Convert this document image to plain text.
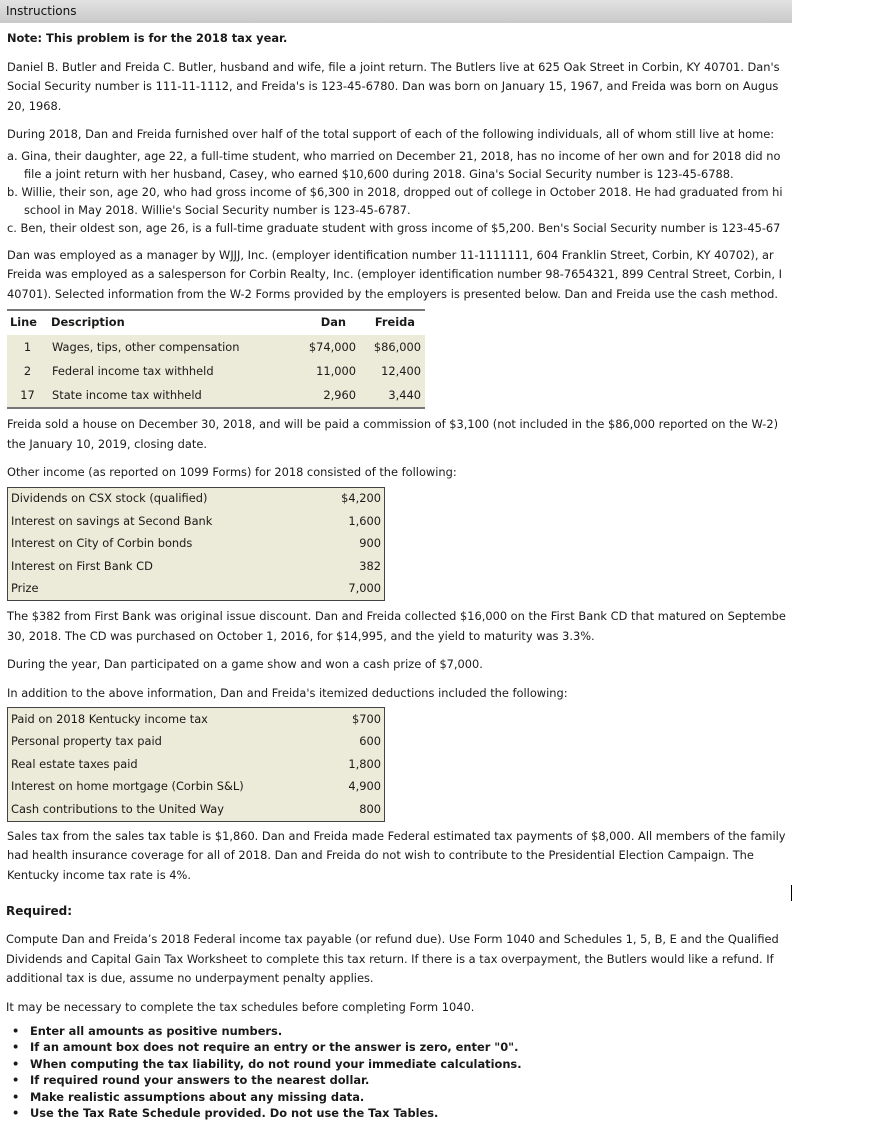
Instructions

Note: This problem is for the 2018 tax year.

Daniel B. Butler and Freida C. Butler, husband and wife, file a joint return. The Butlers live at 625 Oak Street in Corbin, KY 40701. Dan's

Social Security number is 111-11-1112, and Freida's is 123-45-6780. Dan was born on January 15, 1967, and Freida was born on Augus

20, 1968.

During 2018, Dan and Freida furnished over half of the total support of each of the following individuals, all of whom still live at home:

a. Gina, their daughter, age 22, a full-time student, who married on December 21, 2018, has no income of her own and for 2018 did no
file a joint return with her husband, Casey, who earned $10,600 during 2018. Gina's Social Security number is 123-45-6788.
b. Willie, their son, age 20, who had gross income of $6,300 in 2018, dropped out of college in October 2018. He had graduated from hi
school in May 2018. Willie's Social Security number is 123-45-6787.
c. Ben, their oldest son, age 26, is a full-time graduate student with gross income of $5,200. Ben's Social Security number is 123-45-67

Dan was employed as a manager by WJJJ, Inc. (employer identification number 11-1111111, 604 Franklin Street, Corbin, KY 40702), ar

Freida was employed as a salesperson for Corbin Realty, Inc. (employer identification number 98-7654321, 899 Central Street, Corbin, I

40701). Selected information from the W-2 Forms provided by the employers is presented below. Dan and Freida use the cash method.

Line	Description	Dan	Freida
1	Wages, tips, other compensation	$74,000	$86,000
2	Federal income tax withheld	11,000	12,400
17	State income tax withheld	2,960	3,440

Freida sold a house on December 30, 2018, and will be paid a commission of $3,100 (not included in the $86,000 reported on the W-2)

the January 10, 2019, closing date.

Other income (as reported on 1099 Forms) for 2018 consisted of the following:

Dividends on CSX stock (qualified)	$4,200
Interest on savings at Second Bank	1,600
Interest on City of Corbin bonds	900
Interest on First Bank CD	382
Prize	7,000

The $382 from First Bank was original issue discount. Dan and Freida collected $16,000 on the First Bank CD that matured on Septembe

30, 2018. The CD was purchased on October 1, 2016, for $14,995, and the yield to maturity was 3.3%.

During the year, Dan participated on a game show and won a cash prize of $7,000.

In addition to the above information, Dan and Freida's itemized deductions included the following:

Paid on 2018 Kentucky income tax	$700
Personal property tax paid	600
Real estate taxes paid	1,800
Interest on home mortgage (Corbin S&L)	4,900
Cash contributions to the United Way	800

Sales tax from the sales tax table is $1,860. Dan and Freida made Federal estimated tax payments of $8,000. All members of the family

had health insurance coverage for all of 2018. Dan and Freida do not wish to contribute to the Presidential Election Campaign. The

Kentucky income tax rate is 4%.

Required:

Compute Dan and Freida’s 2018 Federal income tax payable (or refund due). Use Form 1040 and Schedules 1, 5, B, E and the Qualified

Dividends and Capital Gain Tax Worksheet to complete this tax return. If there is a tax overpayment, the Butlers would like a refund. If

additional tax is due, assume no underpayment penalty applies.

It may be necessary to complete the tax schedules before completing Form 1040.

• Enter all amounts as positive numbers.
• If an amount box does not require an entry or the answer is zero, enter "0".
• When computing the tax liability, do not round your immediate calculations.
• If required round your answers to the nearest dollar.
• Make realistic assumptions about any missing data.
• Use the Tax Rate Schedule provided. Do not use the Tax Tables.
